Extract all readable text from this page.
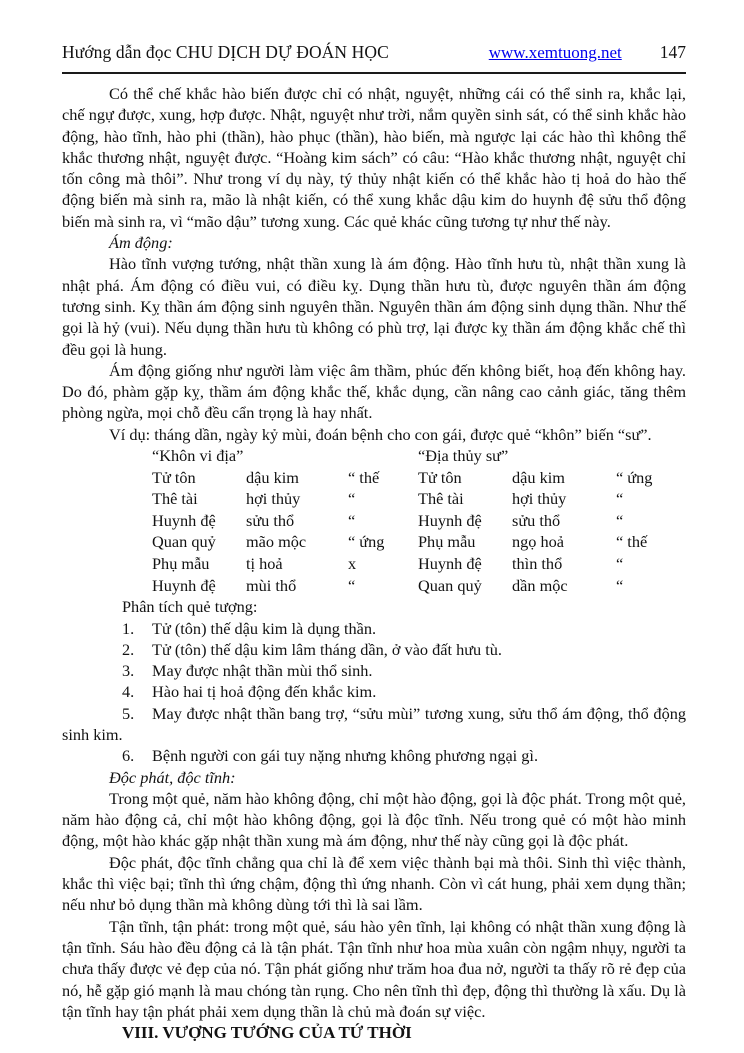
Hướng dẫn đọc CHU DỊCH DỰ ĐOÁN HỌC	www.xemtuong.net 147

Có thể chế khắc hào biến được chỉ có nhật, nguyệt, những cái có thể sinh ra, khắc lại, chế ngự được, xung, hợp được. Nhật, nguyệt như trời, nắm quyền sinh sát, có thể sinh khắc hào động, hào tĩnh, hào phi (thần), hào phục (thần), hào biến, mà ngược lại các hào thì không thể khắc thương nhật, nguyệt được. “Hoàng kim sách” có câu: “Hào khắc thương nhật, nguyệt chỉ tốn công mà thôi”. Như trong ví dụ này, tý thủy nhật kiến có thể khắc hào tị hoả do hào thế động biến mà sinh ra, mão là nhật kiến, có thể xung khắc dậu kim do huynh đệ sửu thổ động biến mà sinh ra, vì “mão dậu” tương xung. Các quẻ khác cũng tương tự như thế này.

Ám động:

Hào tĩnh vượng tướng, nhật thần xung là ám động. Hào tĩnh hưu tù, nhật thần xung là nhật phá. Ám động có điều vui, có điều kỵ. Dụng thần hưu tù, được nguyên thần ám động tương sinh. Kỵ thần ám động sinh nguyên thần. Nguyên thần ám động sinh dụng thần. Như thế gọi là hỷ (vui). Nếu dụng thần hưu tù không có phù trợ, lại được kỵ thần ám động khắc chế thì đều gọi là hung.

Ám động giống như người làm việc âm thầm, phúc đến không biết, hoạ đến không hay. Do đó, phàm gặp kỵ, thầm ám động khắc thế, khắc dụng, cần nâng cao cảnh giác, tăng thêm phòng ngừa, mọi chỗ đều cẩn trọng là hay nhất.

Ví dụ: tháng dần, ngày kỷ mùi, đoán bệnh cho con gái, được quẻ “khôn” biến “sư”.

“Khôn vi địa”	“Địa thủy sư”
Tử tôn	dậu kim	“ thế	Tử tôn	dậu kim	“ ứng
Thê tài	hợi thủy	“	Thê tài	hợi thủy	“
Huynh đệ	sửu thổ	“	Huynh đệ	sửu thổ	“
Quan quỷ	mão mộc	“ ứng	Phụ mẫu	ngọ hoả	“ thế
Phụ mẫu	tị hoả	x	Huynh đệ	thìn thổ	“
Huynh đệ	mùi thổ	“	Quan quỷ	dần mộc	“

Phân tích quẻ tượng:

1. Tử (tôn) thế dậu kim là dụng thần.

2. Tử (tôn) thế dậu kim lâm tháng dần, ở vào đất hưu tù.

3. May được nhật thần mùi thổ sinh.

4. Hào hai tị hoả động đến khắc kim.

5. May được nhật thần bang trợ, “sửu mùi” tương xung, sửu thổ ám động, thổ động sinh kim.

6. Bệnh người con gái tuy nặng nhưng không phương ngại gì.

Độc phát, độc tĩnh:

Trong một quẻ, năm hào không động, chỉ một hào động, gọi là độc phát. Trong một quẻ, năm hào động cả, chỉ một hào không động, gọi là độc tĩnh. Nếu trong quẻ có một hào minh động, một hào khác gặp nhật thần xung mà ám động, như thế này cũng gọi là độc phát.

Độc phát, độc tĩnh chẳng qua chỉ là để xem việc thành bại mà thôi. Sinh thì việc thành, khắc thì việc bại; tĩnh thì ứng chậm, động thì ứng nhanh. Còn vì cát hung, phải xem dụng thần; nếu như bỏ dụng thần mà không dùng tới thì là sai lầm.

Tận tĩnh, tận phát: trong một quẻ, sáu hào yên tĩnh, lại không có nhật thần xung động là tận tĩnh. Sáu hào đều động cả là tận phát. Tận tĩnh như hoa mùa xuân còn ngậm nhụy, người ta chưa thấy được vẻ đẹp của nó. Tận phát giống như trăm hoa đua nở, người ta thấy rõ rẻ đẹp của nó, hễ gặp gió mạnh là mau chóng tàn rụng. Cho nên tĩnh thì đẹp, động thì thường là xấu. Dụ là tận tĩnh hay tận phát phải xem dụng thần là chủ mà đoán sự việc.

VIII. VƯỢNG TƯỚNG CỦA TỨ THỜI
